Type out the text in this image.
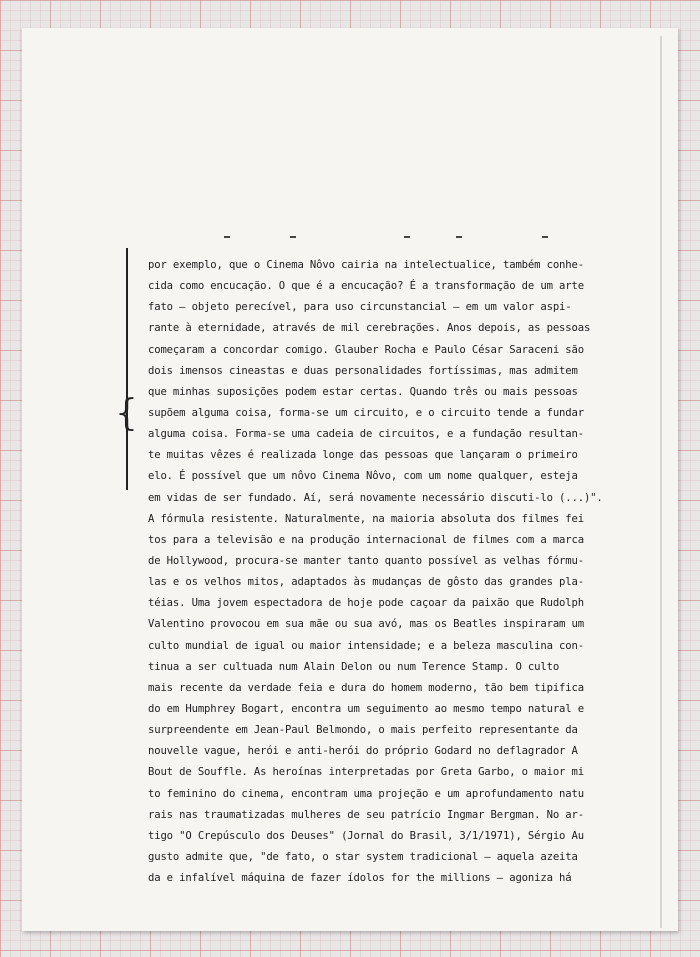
{
por exemplo, que o Cinema Nôvo cairia na intelectualice, também conhe-
cida como encucação. O que é a encucação? É a transformação de um arte
fato — objeto perecível, para uso circunstancial — em um valor aspi-
rante à eternidade, através de mil cerebrações. Anos depois, as pessoas
começaram a concordar comigo. Glauber Rocha e Paulo César Saraceni são
dois imensos cineastas e duas personalidades fortíssimas, mas admitem
que minhas suposições podem estar certas. Quando três ou mais pessoas
supõem alguma coisa, forma-se um circuito, e o circuito tende a fundar
alguma coisa. Forma-se uma cadeia de circuitos, e a fundação resultan-
te muitas vêzes é realizada longe das pessoas que lançaram o primeiro
elo. É possível que um nôvo Cinema Nôvo, com um nome qualquer, esteja
em vidas de ser fundado. Aí, será novamente necessário discuti-lo (...)".
A fórmula resistente. Naturalmente, na maioria absoluta dos filmes fei
tos para a televisão e na produção internacional de filmes com a marca
de Hollywood, procura-se manter tanto quanto possível as velhas fórmu-
las e os velhos mitos, adaptados às mudanças de gôsto das grandes pla-
téias. Uma jovem espectadora de hoje pode caçoar da paixão que Rudolph
Valentino provocou em sua mãe ou sua avó, mas os Beatles inspiraram um
culto mundial de igual ou maior intensidade; e a beleza masculina con-
tinua a ser cultuada num Alain Delon ou num Terence Stamp. O culto
mais recente da verdade feia e dura do homem moderno, tão bem tipifica
do em Humphrey Bogart, encontra um seguimento ao mesmo tempo natural e
surpreendente em Jean-Paul Belmondo, o mais perfeito representante da
nouvelle vague, herói e anti-herói do próprio Godard no deflagrador A
Bout de Souffle. As heroínas interpretadas por Greta Garbo, o maior mi
to feminino do cinema, encontram uma projeção e um aprofundamento natu
rais nas traumatizadas mulheres de seu patrício Ingmar Bergman. No ar-
tigo "O Crepúsculo dos Deuses" (Jornal do Brasil, 3/1/1971), Sérgio Au
gusto admite que, "de fato, o star system tradicional — aquela azeita
da e infalível máquina de fazer ídolos for the millions — agoniza há
